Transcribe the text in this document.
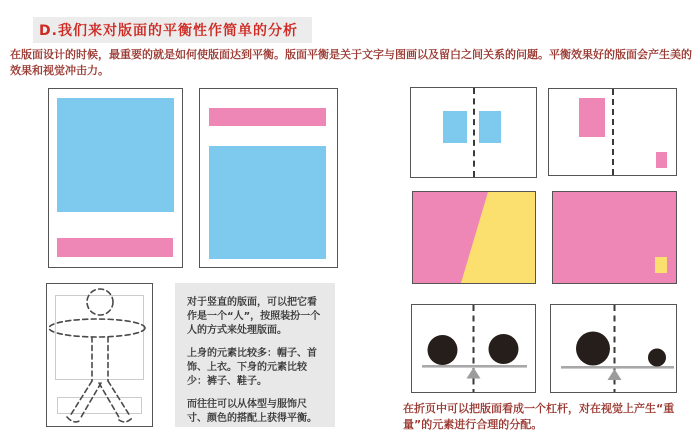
D.我们来对版面的平衡性作简单的分析
在版面设计的时候，最重要的就是如何使版面达到平衡。版面平衡是关于文字与图画以及留白之间关系的问题。平衡效果好的版面会产生美的效果和视觉冲击力。

对于竖直的版面，可以把它看作是一个“人”，按照装扮一个人的方式来处理版面。

上身的元素比较多：帽子、首饰、上衣。下身的元素比较少：裤子、鞋子。

而往往可以从体型与服饰尺寸、颜色的搭配上获得平衡。

在折页中可以把版面看成一个杠杆，对在视觉上产生“重量”的元素进行合理的分配。
